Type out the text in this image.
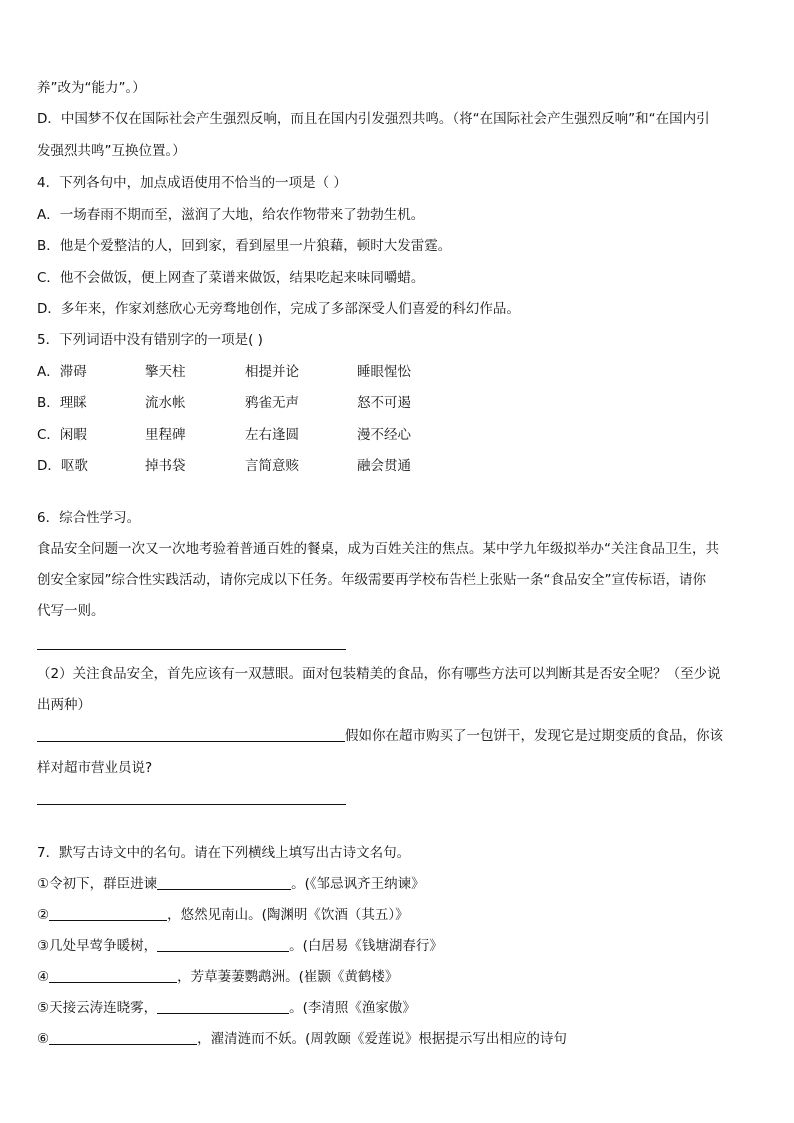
养”改为“能力”。）
D．中国梦不仅在国际社会产生强烈反响，而且在国内引发强烈共鸣。（将“在国际社会产生强烈反响”和“在国内引
发强烈共鸣”互换位置。）
4．下列各句中，加点成语使用不恰当的一项是（ ）
A．一场春雨不期而至，滋润了大地，给农作物带来了勃勃生机。
B．他是个爱整洁的人，回到家，看到屋里一片狼藉，顿时大发雷霆。
C．他不会做饭，便上网查了菜谱来做饭，结果吃起来味同嚼蜡。
D．多年来，作家刘慈欣心无旁骛地创作，完成了多部深受人们喜爱的科幻作品。
5．下列词语中没有错别字的一项是( )
A．滞碍	擎天柱	相提并论	睡眼惺忪
B．理睬	流水帐	鸦雀无声	怒不可遏
C．闲暇	里程碑	左右逢圆	漫不经心
D．呕歌	掉书袋	言简意赅	融会贯通
6．综合性学习。
食品安全问题一次又一次地考验着普通百姓的餐桌，成为百姓关注的焦点。某中学九年级拟举办“关注食品卫生，共
创安全家园”综合性实践活动，请你完成以下任务。年级需要再学校布告栏上张贴一条“食品安全”宣传标语，请你
代写一则。
（2）关注食品安全，首先应该有一双慧眼。面对包装精美的食品，你有哪些方法可以判断其是否安全呢？（至少说
出两种）
假如你在超市购买了一包饼干，发现它是过期变质的食品，你该
样对超市营业员说?
7．默写古诗文中的名句。请在下列横线上填写出古诗文名句。
①令初下，群臣进谏	。(《邹忌讽齐王纳谏》
②	，悠然见南山。(陶渊明《饮酒（其五）》
③几处早莺争暖树，	。(白居易《钱塘湖春行》
④	，芳草萋萋鹦鹉洲。(崔颢《黄鹤楼》
⑤天接云涛连晓雾，	。(李清照《渔家傲》
⑥	，濯清涟而不妖。(周敦颐《爱莲说》根据提示写出相应的诗句
